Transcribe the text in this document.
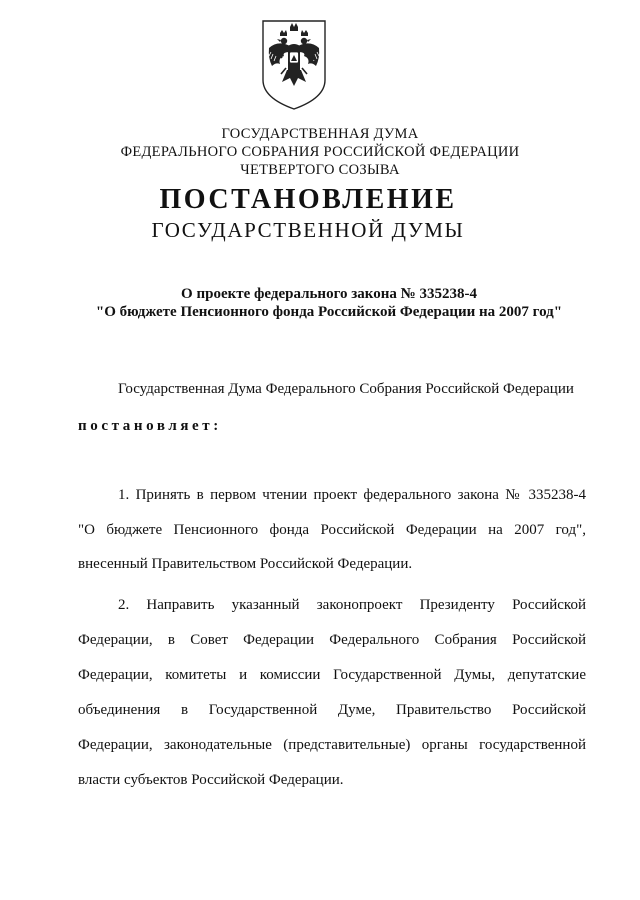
ГОСУДАРСТВЕННАЯ ДУМА
ФЕДЕРАЛЬНОГО СОБРАНИЯ РОССИЙСКОЙ ФЕДЕРАЦИИ
ЧЕТВЕРТОГО СОЗЫВА
ПОСТАНОВЛЕНИЕ
ГОСУДАРСТВЕННОЙ ДУМЫ
О проекте федерального закона № 335238-4
"О бюджете Пенсионного фонда Российской Федерации на 2007 год"
Государственная Дума Федерального Собрания Российской Федерации
постановляет:
1. Принять в первом чтении проект федерального закона № 335238-4
"О бюджете Пенсионного фонда Российской Федерации на 2007 год",
внесенный Правительством Российской Федерации.
2. Направить указанный законопроект Президенту Российской
Федерации, в Совет Федерации Федерального Собрания Российской
Федерации, комитеты и комиссии Государственной Думы, депутатские
объединения в Государственной Думе, Правительство Российской
Федерации, законодательные (представительные) органы государственной
власти субъектов Российской Федерации.
